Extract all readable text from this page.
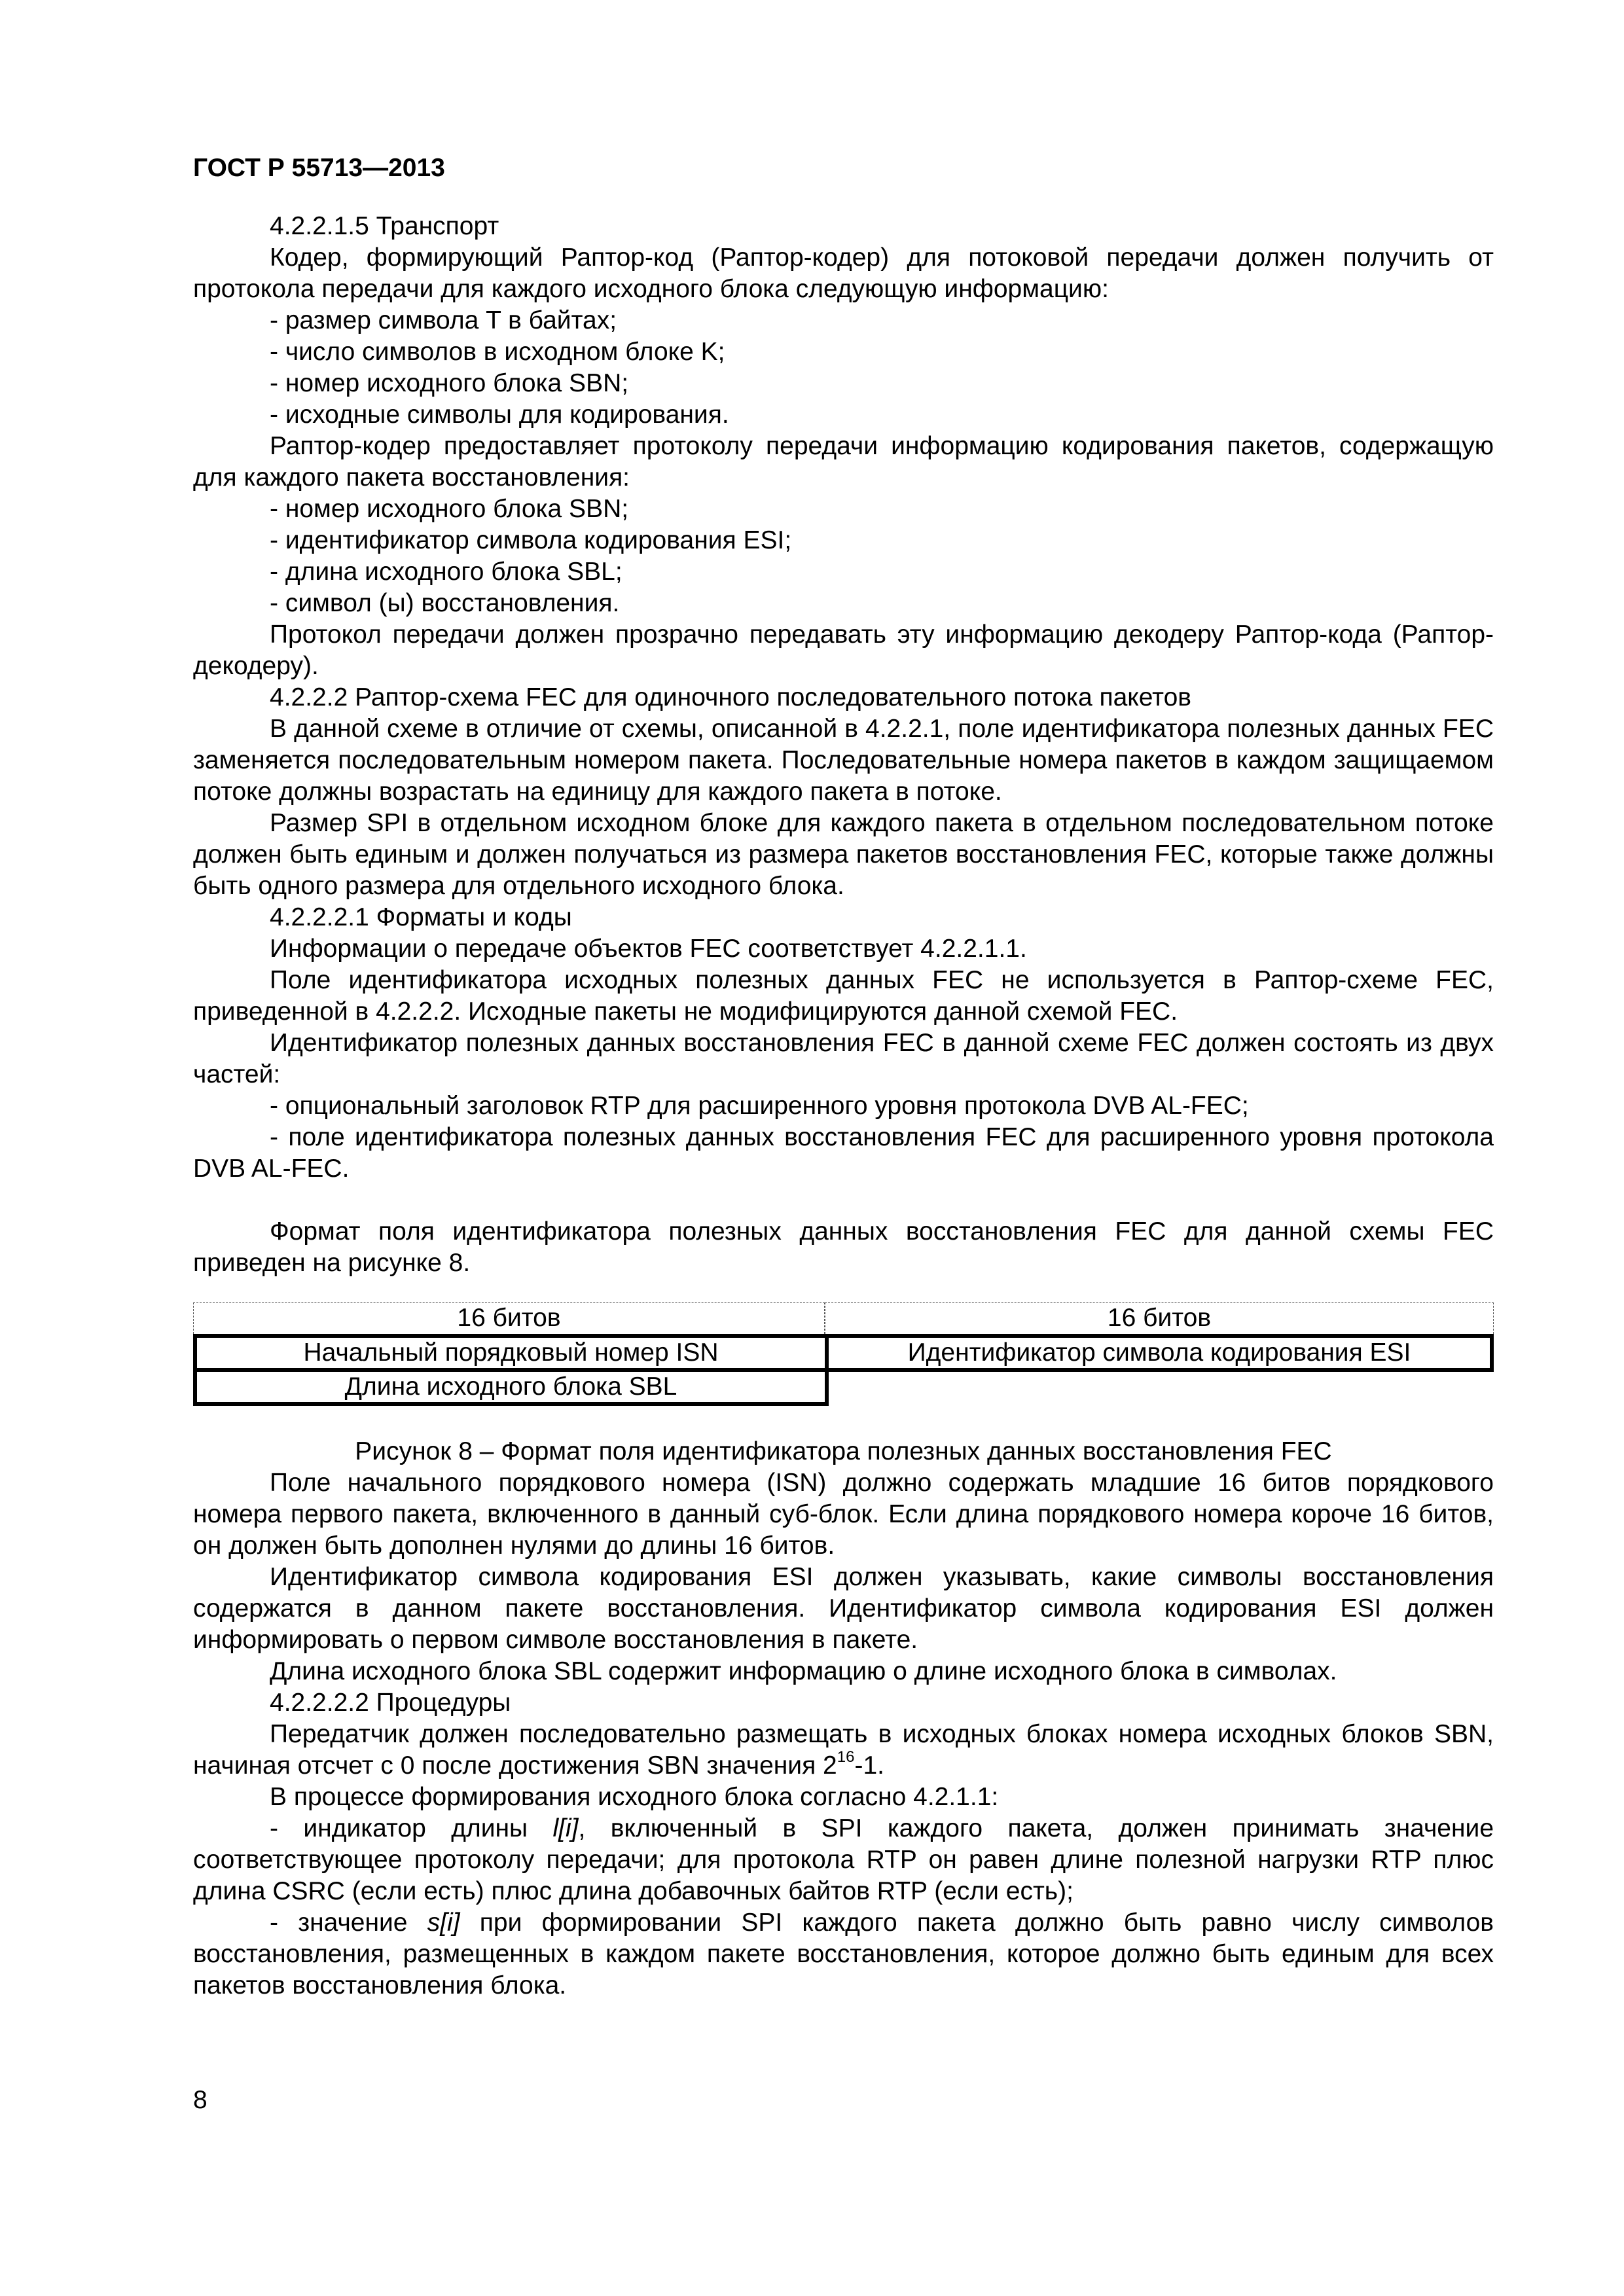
ГОСТ Р 55713—2013

4.2.2.1.5 Транспорт

Кодер, формирующий Раптор-код (Раптор-кодер) для потоковой передачи должен получить от протокола передачи для каждого исходного блока следующую информацию:

- размер символа T в байтах;

- число символов в исходном блоке K;

- номер исходного блока SBN;

- исходные символы для кодирования.

Раптор-кодер предоставляет протоколу передачи информацию кодирования пакетов, содержащую для каждого пакета восстановления:

- номер исходного блока SBN;

- идентификатор символа кодирования ESI;

- длина исходного блока SBL;

- символ (ы) восстановления.

Протокол передачи должен прозрачно передавать эту информацию декодеру Раптор-кода (Раптор-декодеру).

4.2.2.2 Раптор-схема FEC для одиночного последовательного потока пакетов

В данной схеме в отличие от схемы, описанной в 4.2.2.1, поле идентификатора полезных данных FEC заменяется последовательным номером пакета. Последовательные номера пакетов в каждом защищаемом потоке должны возрастать на единицу для каждого пакета в потоке.

Размер SPI в отдельном исходном блоке для каждого пакета в отдельном последовательном потоке должен быть единым и должен получаться из размера пакетов восстановления FEC, которые также должны быть одного размера для отдельного исходного блока.

4.2.2.2.1 Форматы и коды

Информации о передаче объектов FEC соответствует 4.2.2.1.1.

Поле идентификатора исходных полезных данных FEC не используется в Раптор-схеме FEC, приведенной в 4.2.2.2. Исходные пакеты не модифицируются данной схемой FEC.

Идентификатор полезных данных восстановления FEC в данной схеме FEC должен состоять из двух частей:

- опциональный заголовок RTP для расширенного уровня протокола DVB AL-FEC;

- поле идентификатора полезных данных восстановления FEC для расширенного уровня протокола DVB AL-FEC.

Формат поля идентификатора полезных данных восстановления FEC для данной схемы FEC приведен на рисунке 8.

16 битов	16 битов
Начальный порядковый номер ISN	Идентификатор символа кодирования ESI
Длина исходного блока SBL
Рисунок 8 – Формат поля идентификатора полезных данных восстановления FEC

Поле начального порядкового номера (ISN) должно содержать младшие 16 битов порядкового номера первого пакета, включенного в данный суб-блок. Если длина порядкового номера короче 16 битов, он должен быть дополнен нулями до длины 16 битов.

Идентификатор символа кодирования ESI должен указывать, какие символы восстановления содержатся в данном пакете восстановления. Идентификатор символа кодирования ESI должен информировать о первом символе восстановления в пакете.

Длина исходного блока SBL содержит информацию о длине исходного блока в символах.

4.2.2.2.2 Процедуры

Передатчик должен последовательно размещать в исходных блоках номера исходных блоков SBN, начиная отсчет с 0 после достижения SBN значения $2^{16}-1$.

В процессе формирования исходного блока согласно 4.2.1.1:

- индикатор длины l[i], включенный в SPI каждого пакета, должен принимать значение соответствующее протоколу передачи; для протокола RTP он равен длине полезной нагрузки RTP плюс длина CSRC (если есть) плюс длина добавочных байтов RTP (если есть);

- значение s[i] при формировании SPI каждого пакета должно быть равно числу символов восстановления, размещенных в каждом пакете восстановления, которое должно быть единым для всех пакетов восстановления блока.

8
